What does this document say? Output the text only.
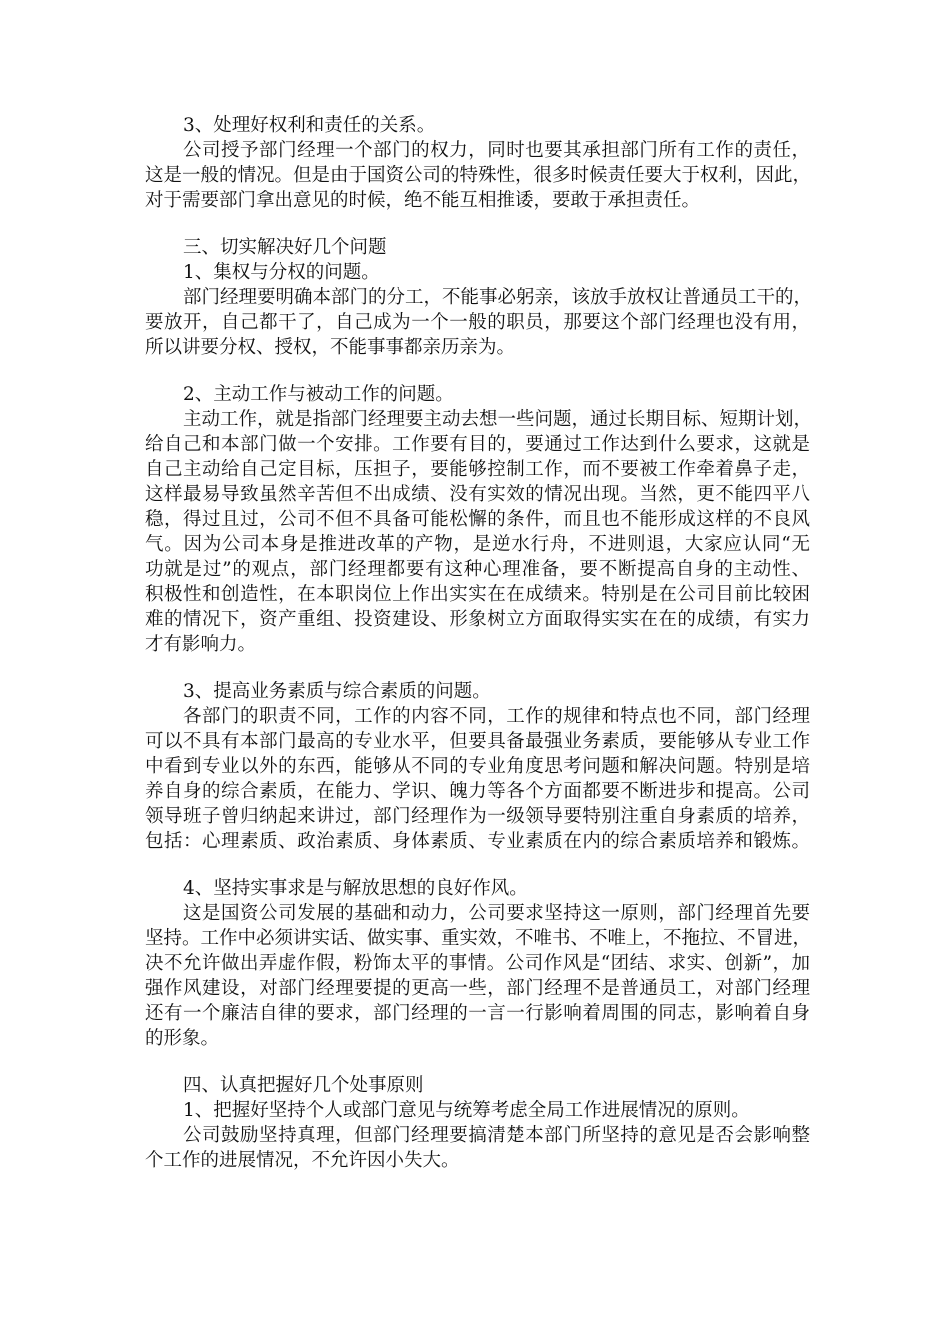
3、处理好权利和责任的关系。
公司授予部门经理一个部门的权力，同时也要其承担部门所有工作的责任，
这是一般的情况。但是由于国资公司的特殊性，很多时候责任要大于权利，因此，
对于需要部门拿出意见的时候，绝不能互相推诿，要敢于承担责任。
三、切实解决好几个问题
1、集权与分权的问题。
部门经理要明确本部门的分工，不能事必躬亲，该放手放权让普通员工干的，
要放开，自己都干了，自己成为一个一般的职员，那要这个部门经理也没有用，
所以讲要分权、授权，不能事事都亲历亲为。
2、主动工作与被动工作的问题。
主动工作，就是指部门经理要主动去想一些问题，通过长期目标、短期计划，
给自己和本部门做一个安排。工作要有目的，要通过工作达到什么要求，这就是
自己主动给自己定目标，压担子，要能够控制工作，而不要被工作牵着鼻子走，
这样最易导致虽然辛苦但不出成绩、没有实效的情况出现。当然，更不能四平八
稳，得过且过，公司不但不具备可能松懈的条件，而且也不能形成这样的不良风
气。因为公司本身是推进改革的产物，是逆水行舟，不进则退，大家应认同“无
功就是过”的观点，部门经理都要有这种心理准备，要不断提高自身的主动性、
积极性和创造性，在本职岗位上作出实实在在成绩来。特别是在公司目前比较困
难的情况下，资产重组、投资建设、形象树立方面取得实实在在的成绩，有实力
才有影响力。
3、提高业务素质与综合素质的问题。
各部门的职责不同，工作的内容不同，工作的规律和特点也不同，部门经理
可以不具有本部门最高的专业水平，但要具备最强业务素质，要能够从专业工作
中看到专业以外的东西，能够从不同的专业角度思考问题和解决问题。特别是培
养自身的综合素质，在能力、学识、魄力等各个方面都要不断进步和提高。公司
领导班子曾归纳起来讲过，部门经理作为一级领导要特别注重自身素质的培养，
包括：心理素质、政治素质、身体素质、专业素质在内的综合素质培养和锻炼。
4、坚持实事求是与解放思想的良好作风。
这是国资公司发展的基础和动力，公司要求坚持这一原则，部门经理首先要
坚持。工作中必须讲实话、做实事、重实效，不唯书、不唯上，不拖拉、不冒进，
决不允许做出弄虚作假，粉饰太平的事情。公司作风是“团结、求实、创新”，加
强作风建设，对部门经理要提的更高一些，部门经理不是普通员工，对部门经理
还有一个廉洁自律的要求，部门经理的一言一行影响着周围的同志，影响着自身
的形象。
四、认真把握好几个处事原则
1、把握好坚持个人或部门意见与统筹考虑全局工作进展情况的原则。
公司鼓励坚持真理，但部门经理要搞清楚本部门所坚持的意见是否会影响整
个工作的进展情况，不允许因小失大。
